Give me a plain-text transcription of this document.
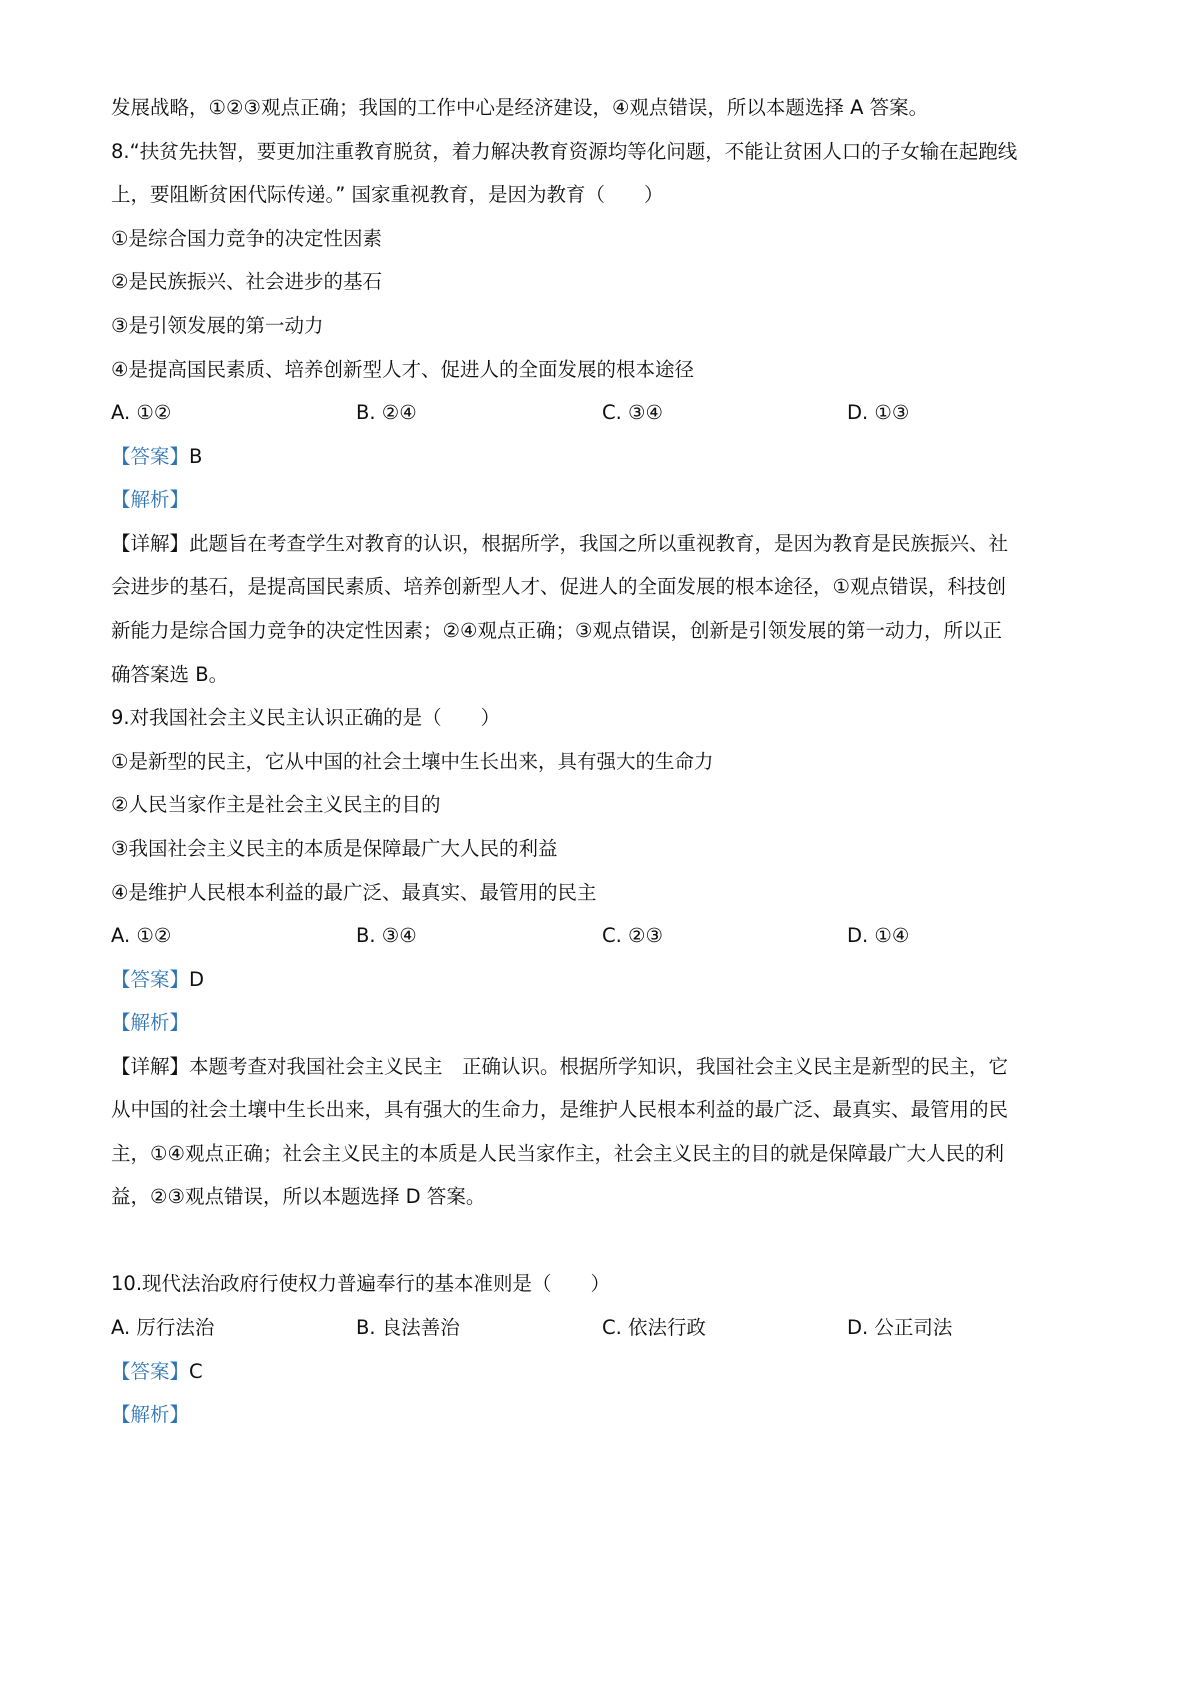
发展战略，①②③观点正确；我国的工作中心是经济建设，④观点错误，所以本题选择 A 答案。
8.“扶贫先扶智，要更加注重教育脱贫，着力解决教育资源均等化问题，不能让贫困人口的子女输在起跑线
上，要阻断贫困代际传递。” 国家重视教育，是因为教育（　　）
①是综合国力竞争的决定性因素
②是民族振兴、社会进步的基石
③是引领发展的第一动力
④是提高国民素质、培养创新型人才、促进人的全面发展的根本途径
A. ①②	B. ②④	C. ③④	D. ①③
【答案】B
【解析】
【详解】此题旨在考查学生对教育的认识，根据所学，我国之所以重视教育，是因为教育是民族振兴、社
会进步的基石，是提高国民素质、培养创新型人才、促进人的全面发展的根本途径，①观点错误，科技创
新能力是综合国力竞争的决定性因素；②④观点正确；③观点错误，创新是引领发展的第一动力，所以正
确答案选 B。
9.对我国社会主义民主认识正确的是（　　）
①是新型的民主，它从中国的社会土壤中生长出来，具有强大的生命力
②人民当家作主是社会主义民主的目的
③我国社会主义民主的本质是保障最广大人民的利益
④是维护人民根本利益的最广泛、最真实、最管用的民主
A. ①②	B. ③④	C. ②③	D. ①④
【答案】D
【解析】
【详解】本题考查对我国社会主义民主　正确认识。根据所学知识，我国社会主义民主是新型的民主，它
从中国的社会土壤中生长出来，具有强大的生命力，是维护人民根本利益的最广泛、最真实、最管用的民
主，①④观点正确；社会主义民主的本质是人民当家作主，社会主义民主的目的就是保障最广大人民的利
益，②③观点错误，所以本题选择 D 答案。
10.现代法治政府行使权力普遍奉行的基本准则是（　　）
A. 厉行法治	B. 良法善治	C. 依法行政	D. 公正司法
【答案】C
【解析】
